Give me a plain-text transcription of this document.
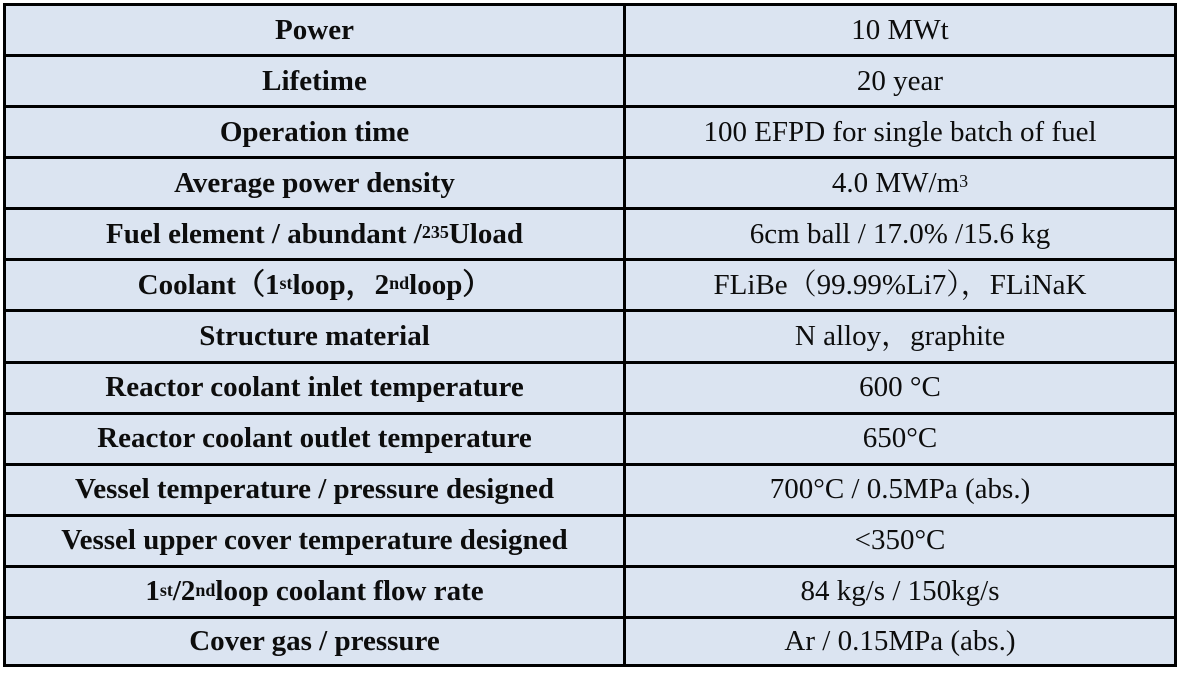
Power	10 MWt
Lifetime	20 year
Operation time	100 EFPD for single batch of fuel
Average power density	4.0 $MW/m^3$
Fuel element / abundant / $^{235}$ Uload	6cm ball / 17.0% /15.6 kg
Coolant（1st loop，2nd loop）	FLiBe（99.99%Li7），FLiNaK
Structure material	N alloy，graphite
Reactor coolant inlet temperature	600 °C
Reactor coolant outlet temperature	650°C
Vessel temperature / pressure designed	700°C / 0.5MPa (abs.)
Vessel upper cover temperature designed	<350°C
1st /2nd loop coolant flow rate	84 kg/s / 150kg/s
Cover gas / pressure	Ar / 0.15MPa (abs.)
